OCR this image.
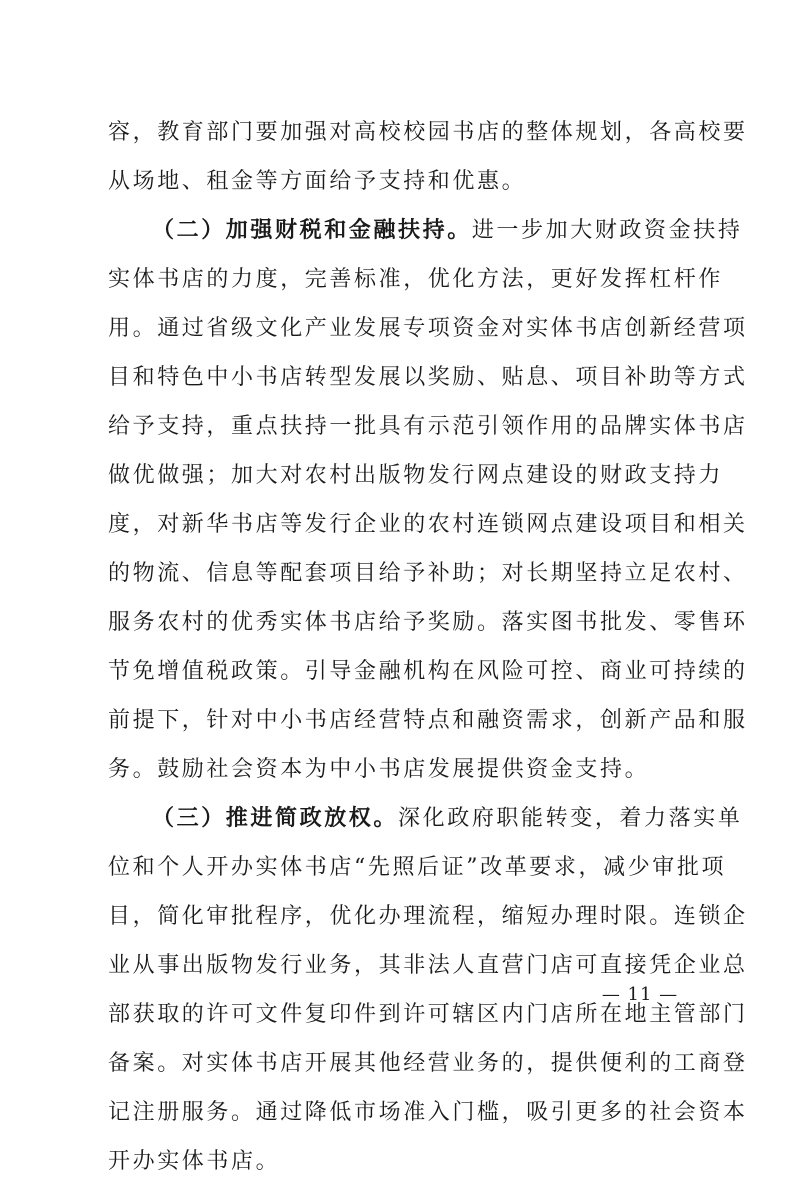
容，教育部门要加强对高校校园书店的整体规划，各高校要
从场地、租金等方面给予支持和优惠。
（二）加强财税和金融扶持。进一步加大财政资金扶持
实体书店的力度，完善标准，优化方法，更好发挥杠杆作
用。通过省级文化产业发展专项资金对实体书店创新经营项
目和特色中小书店转型发展以奖励、贴息、项目补助等方式
给予支持，重点扶持一批具有示范引领作用的品牌实体书店
做优做强；加大对农村出版物发行网点建设的财政支持力
度，对新华书店等发行企业的农村连锁网点建设项目和相关
的物流、信息等配套项目给予补助；对长期坚持立足农村、
服务农村的优秀实体书店给予奖励。落实图书批发、零售环
节免增值税政策。引导金融机构在风险可控、商业可持续的
前提下，针对中小书店经营特点和融资需求，创新产品和服
务。鼓励社会资本为中小书店发展提供资金支持。
（三）推进简政放权。深化政府职能转变，着力落实单
位和个人开办实体书店“先照后证”改革要求，减少审批项
目，简化审批程序，优化办理流程，缩短办理时限。连锁企
业从事出版物发行业务，其非法人直营门店可直接凭企业总
部获取的许可文件复印件到许可辖区内门店所在地主管部门
备案。对实体书店开展其他经营业务的，提供便利的工商登
记注册服务。通过降低市场准入门槛，吸引更多的社会资本
开办实体书店。
— 11 —
